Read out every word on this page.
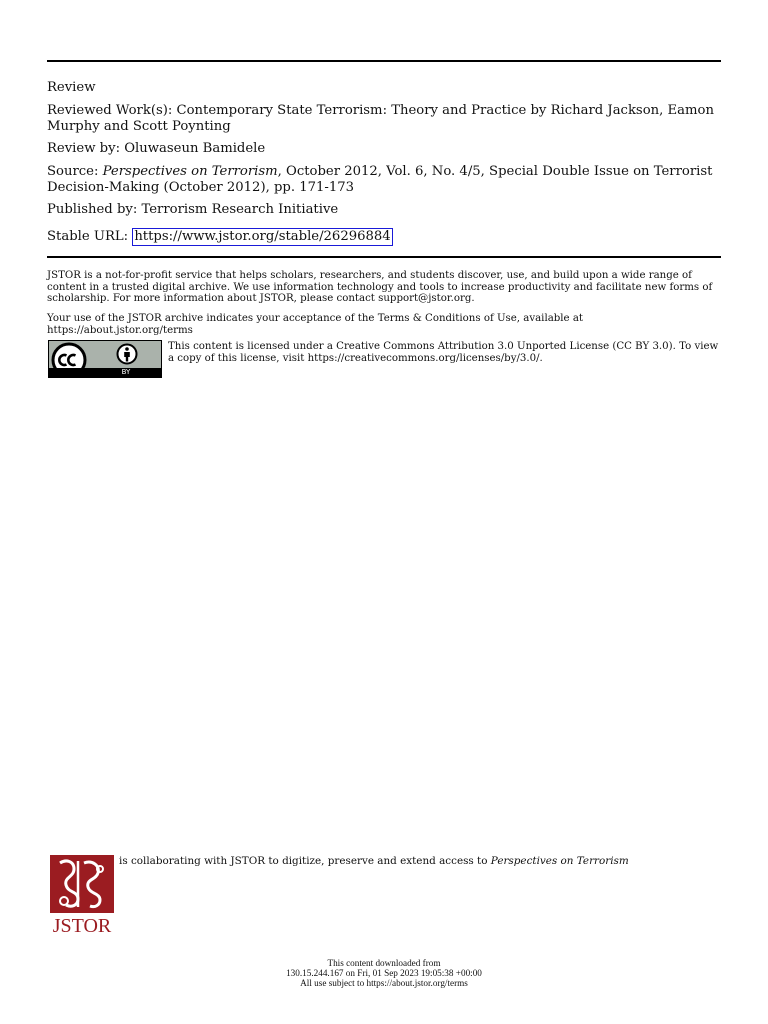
Review
Reviewed Work(s): Contemporary State Terrorism: Theory and Practice by Richard Jackson, Eamon Murphy and Scott Poynting
Review by: Oluwaseun Bamidele
Source: Perspectives on Terrorism, October 2012, Vol. 6, No. 4/5, Special Double Issue on Terrorist Decision-Making (October 2012), pp. 171-173
Published by: Terrorism Research Initiative
Stable URL: https://www.jstor.org/stable/26296884
JSTOR is a not-for-profit service that helps scholars, researchers, and students discover, use, and build upon a wide range of content in a trusted digital archive. We use information technology and tools to increase productivity and facilitate new forms of scholarship. For more information about JSTOR, please contact support@jstor.org.
Your use of the JSTOR archive indicates your acceptance of the Terms & Conditions of Use, available at https://about.jstor.org/terms
BY
This content is licensed under a Creative Commons Attribution 3.0 Unported License (CC BY 3.0). To view a copy of this license, visit https://creativecommons.org/licenses/by/3.0/.
JSTOR
is collaborating with JSTOR to digitize, preserve and extend access to Perspectives on Terrorism
This content downloaded from
130.15.244.167 on Fri, 01 Sep 2023 19:05:38 +00:00
All use subject to https://about.jstor.org/terms
